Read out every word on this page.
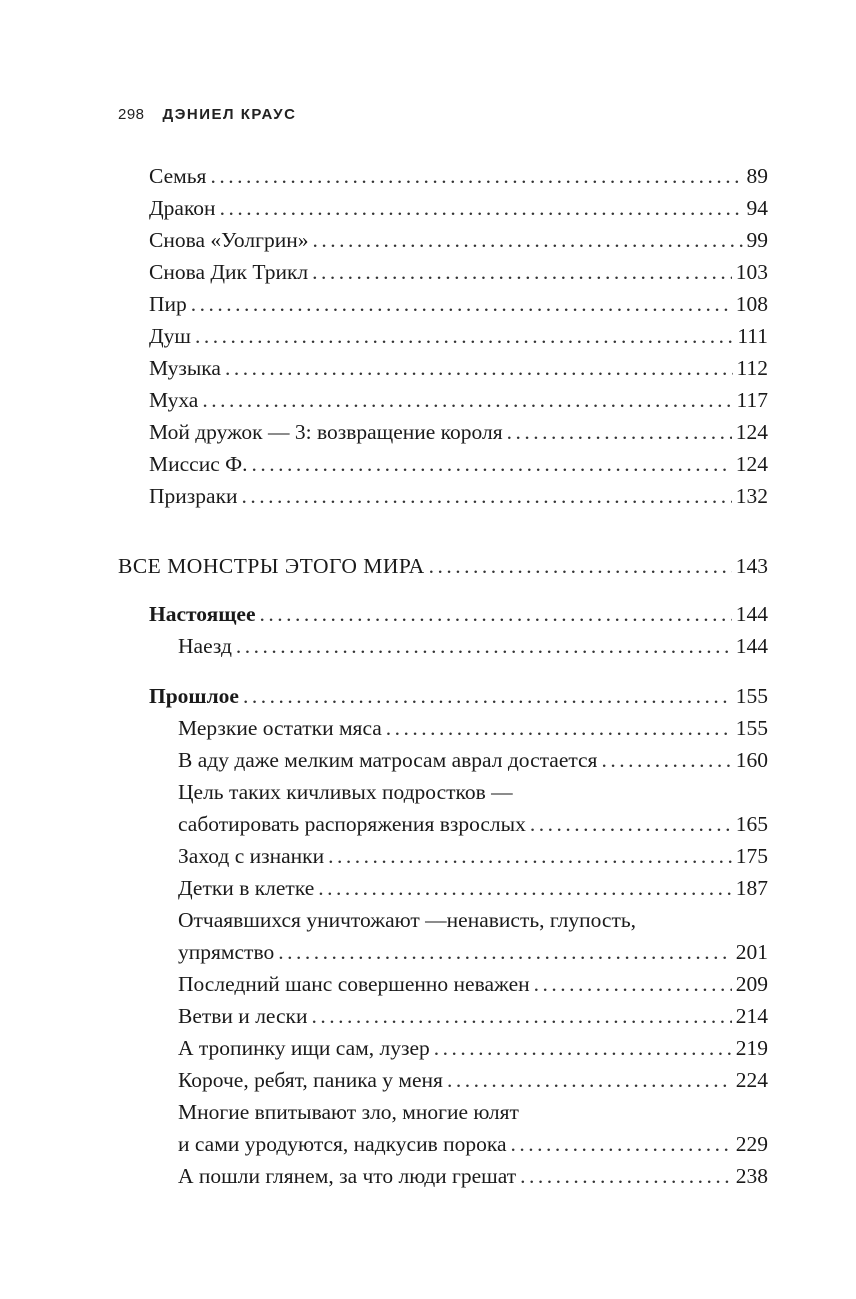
298 ДЭНИЕЛ КРАУС
Семья .....	89
Дракон .....	94
Снова «Уолгрин» .....	99
Снова Дик Трикл .....	103
Пир .....	108
Душ .....	111
Музыка .....	112
Муха .....	117
Мой дружок — 3: возвращение короля .....	124
Миссис Ф. .....	124
Призраки .....	132
ВСЕ МОНСТРЫ ЭТОГО МИРА .....	143
Настоящее .....	144
Наезд .....	144
Прошлое .....	155
Мерзкие остатки мяса .....	155
В аду даже мелким матросам аврал достается .....	160
Цель таких кичливых подростков —
саботировать распоряжения взрослых .....	165
Заход с изнанки .....	175
Детки в клетке .....	187
Отчаявшихся уничтожают —ненависть, глупость,
упрямство .....	201
Последний шанс совершенно неважен .....	209
Ветви и лески .....	214
А тропинку ищи сам, лузер .....	219
Короче, ребят, паника у меня .....	224
Многие впитывают зло, многие юлят
и сами уродуются, надкусив порока .....	229
А пошли глянем, за что люди грешат .....	238
